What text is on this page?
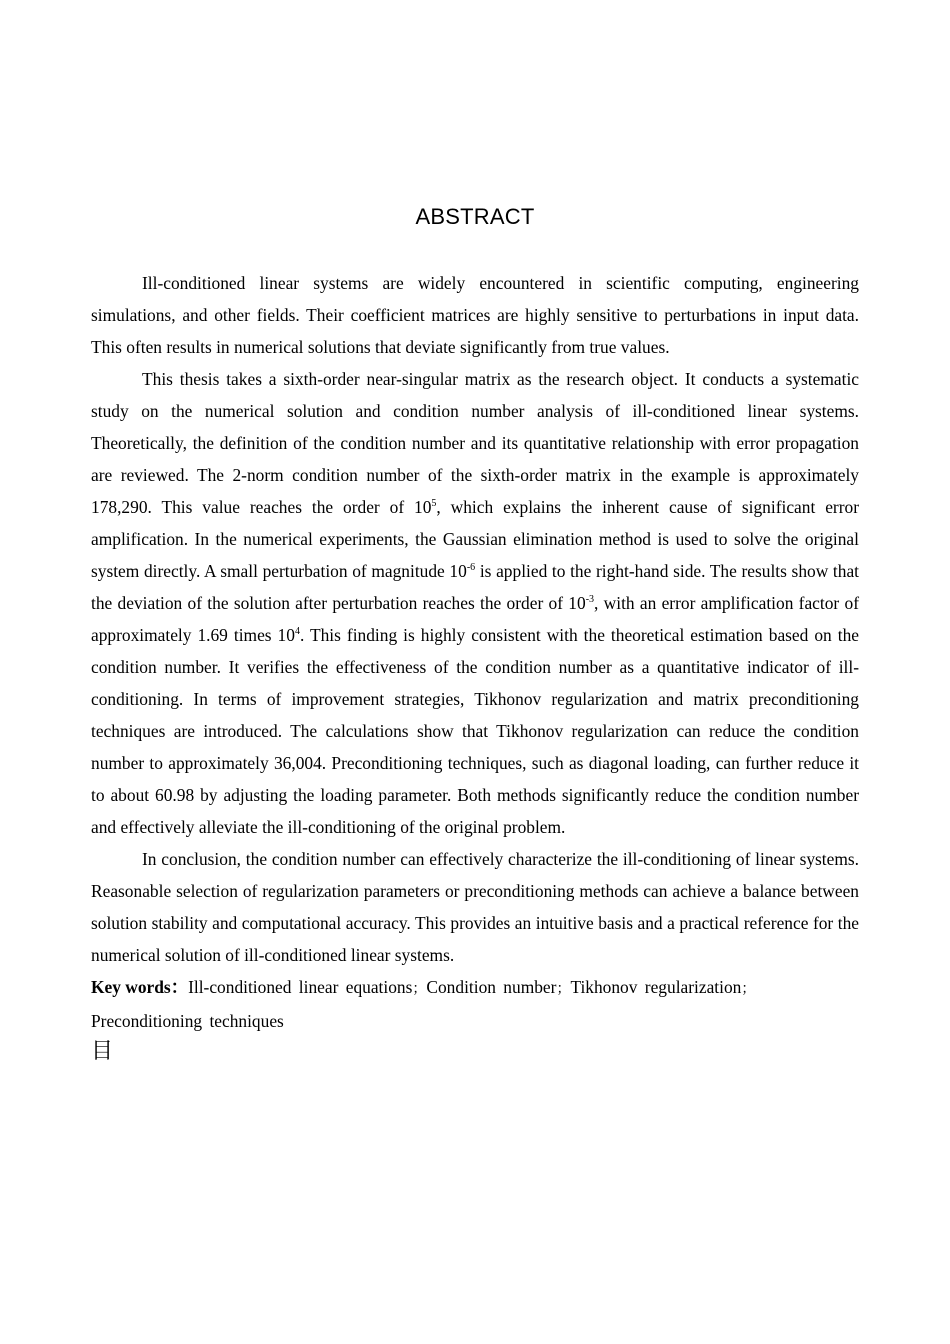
ABSTRACT

Ill-conditioned linear systems are widely encountered in scientific computing, engineering simulations, and other fields. Their coefficient matrices are highly sensitive to perturbations in input data. This often results in numerical solutions that deviate significantly from true values.

This thesis takes a sixth-order near-singular matrix as the research object. It conducts a systematic study on the numerical solution and condition number analysis of ill-conditioned linear systems. Theoretically, the definition of the condition number and its quantitative relationship with error propagation are reviewed. The 2-norm condition number of the sixth-order matrix in the example is approximately 178,290. This value reaches the order of $10^5$, which explains the inherent cause of significant error amplification. In the numerical experiments, the Gaussian elimination method is used to solve the original system directly. A small perturbation of magnitude $10^{-6}$ is applied to the right-hand side. The results show that the deviation of the solution after perturbation reaches the order of $10^{-3}$, with an error amplification factor of approximately 1.69 times $10^4$. This finding is highly consistent with the theoretical estimation based on the condition number. It verifies the effectiveness of the condition number as a quantitative indicator of ill-conditioning. In terms of improvement strategies, Tikhonov regularization and matrix preconditioning techniques are introduced. The calculations show that Tikhonov regularization can reduce the condition number to approximately 36,004. Preconditioning techniques, such as diagonal loading, can further reduce it to about 60.98 by adjusting the loading parameter. Both methods significantly reduce the condition number and effectively alleviate the ill-conditioning of the original problem.

In conclusion, the condition number can effectively characterize the ill-conditioning of linear systems. Reasonable selection of regularization parameters or preconditioning methods can achieve a balance between solution stability and computational accuracy. This provides an intuitive basis and a practical reference for the numerical solution of ill-conditioned linear systems.

Key words：Ill-conditioned linear equations；Condition number；Tikhonov regularization； Preconditioning techniques

目
